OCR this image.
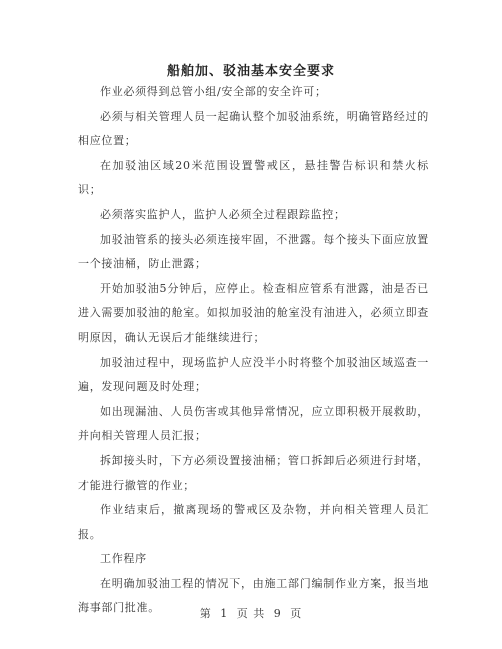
船舶加、驳油基本安全要求

作业必须得到总管小组/安全部的安全许可；

必须与相关管理人员一起确认整个加驳油系统，明确管路经过的相应位置；

在加驳油区域20米范围设置警戒区，悬挂警告标识和禁火标识；

必须落实监护人，监护人必须全过程跟踪监控；

加驳油管系的接头必须连接牢固，不泄露。每个接头下面应放置一个接油桶，防止泄露；

开始加驳油5分钟后，应停止。检查相应管系有泄露，油是否已进入需要加驳油的舱室。如拟加驳油的舱室没有油进入，必须立即查明原因，确认无误后才能继续进行；

加驳油过程中，现场监护人应没半小时将整个加驳油区域巡查一遍，发现问题及时处理；

如出现漏油、人员伤害或其他异常情况，应立即积极开展救助，并向相关管理人员汇报；

拆卸接头时，下方必须设置接油桶；管口拆卸后必须进行封堵，才能进行撤管的作业；

作业结束后，撤离现场的警戒区及杂物，并向相关管理人员汇报。

工作程序

在明确加驳油工程的情况下，由施工部门编制作业方案，报当地海事部门批准。	第 1 页 共 9 页
